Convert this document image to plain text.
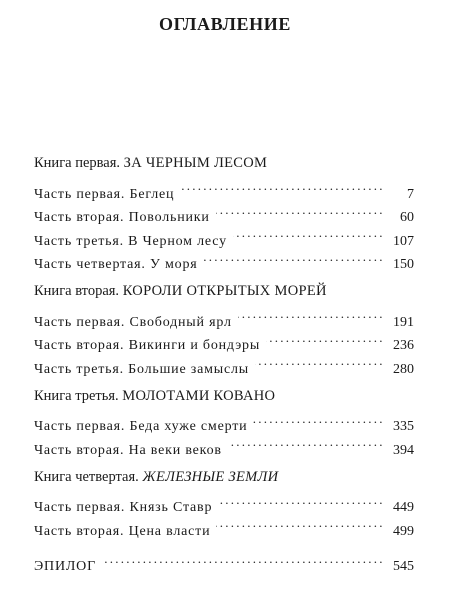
ОГЛАВЛЕНИЕ
Книга первая. ЗА ЧЕРНЫМ ЛЕСОМ
Часть первая. Беглец . . .	7
Часть вторая. Повольники . . .	60
Часть третья. В Черном лесу . . .	107
Часть четвертая. У моря . . .	150
Книга вторая. КОРОЛИ ОТКРЫТЫХ МОРЕЙ
Часть первая. Свободный ярл . . .	191
Часть вторая. Викинги и бондэры . . .	236
Часть третья. Большие замыслы . . .	280
Книга третья. МОЛОТАМИ КОВАНО
Часть первая. Беда хуже смерти . . .	335
Часть вторая. На веки веков . . .	394
Книга четвертая. ЖЕЛЕЗНЫЕ ЗЕМЛИ
Часть первая. Князь Ставр . . .	449
Часть вторая. Цена власти . . .	499
ЭПИЛОГ . . .	545
